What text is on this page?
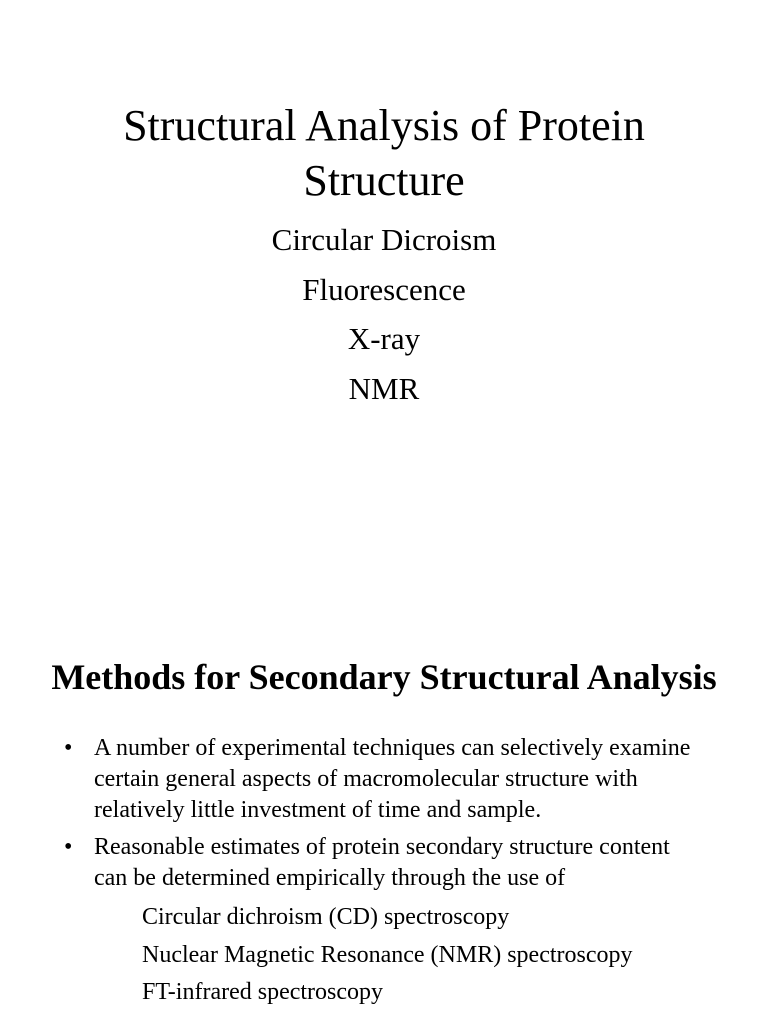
Structural Analysis of Protein
Structure
Circular Dicroism
Fluorescence
X-ray
NMR
Methods for Secondary Structural Analysis
• A number of experimental techniques can selectively examine certain general aspects of macromolecular structure with relatively little investment of time and sample.
• Reasonable estimates of protein secondary structure content can be determined empirically through the use of
Circular dichroism (CD) spectroscopy
Nuclear Magnetic Resonance (NMR) spectroscopy
FT-infrared spectroscopy
